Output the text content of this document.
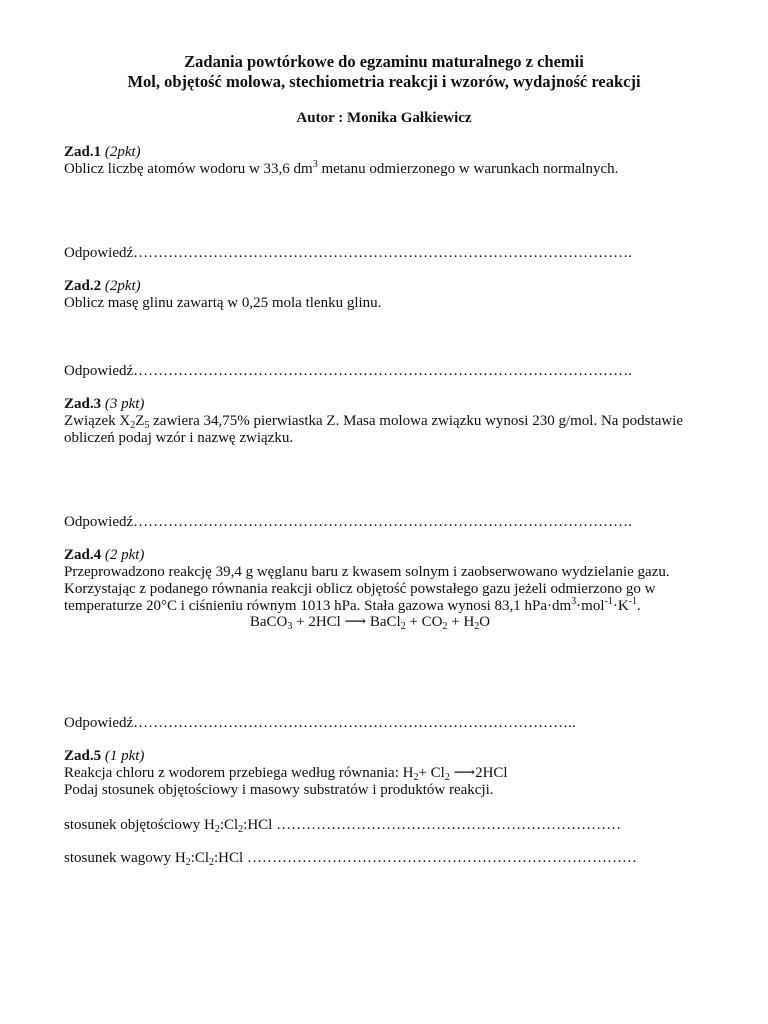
Zadania powtórkowe do egzaminu maturalnego z chemii
Mol, objętość molowa, stechiometria reakcji i wzorów, wydajność reakcji
Autor : Monika Gałkiewicz
Zad.1 (2pkt)
Oblicz liczbę atomów wodoru w 33,6 $dm^3$ metanu odmierzonego w warunkach normalnych.
Odpowiedź……………………………………………………………………………………….
Zad.2 (2pkt)
Oblicz masę glinu zawartą w 0,25 mola tlenku glinu.
Odpowiedź……………………………………………………………………………………….
Zad.3 (3 pkt)
Związek $X_2Z_5$ zawiera 34,75% pierwiastka Z. Masa molowa związku wynosi 230 g/mol. Na podstawie
obliczeń podaj wzór i nazwę związku.
Odpowiedź……………………………………………………………………………………….
Zad.4 (2 pkt)
Przeprowadzono reakcję 39,4 g węglanu baru z kwasem solnym i zaobserwowano wydzielanie gazu.
Korzystając z podanego równania reakcji oblicz objętość powstałego gazu jeżeli odmierzono go w
temperaturze 20°C i ciśnieniu równym 1013 hPa. Stała gazowa wynosi 83,1 $hPa\cdot dm^3\cdot mol^{-1}\cdot K^{-1}$.
BaCO$_3$ + 2HCl ⟶ BaCl$_2$ + $CO_2 + H_2O$
Odpowiedź……………………………………………………………………………..
Zad.5 (1 pkt)
Reakcja chloru z wodorem przebiega według równania: $H_2+ Cl_2$ ⟶2HCl
Podaj stosunek objętościowy i masowy substratów i produktów reakcji.
stosunek objętościowy $H_2:Cl_2:HCl$ ……………………………………………………………
stosunek wagowy $H_2:Cl_2:HCl$ ……………………………………………………………………
